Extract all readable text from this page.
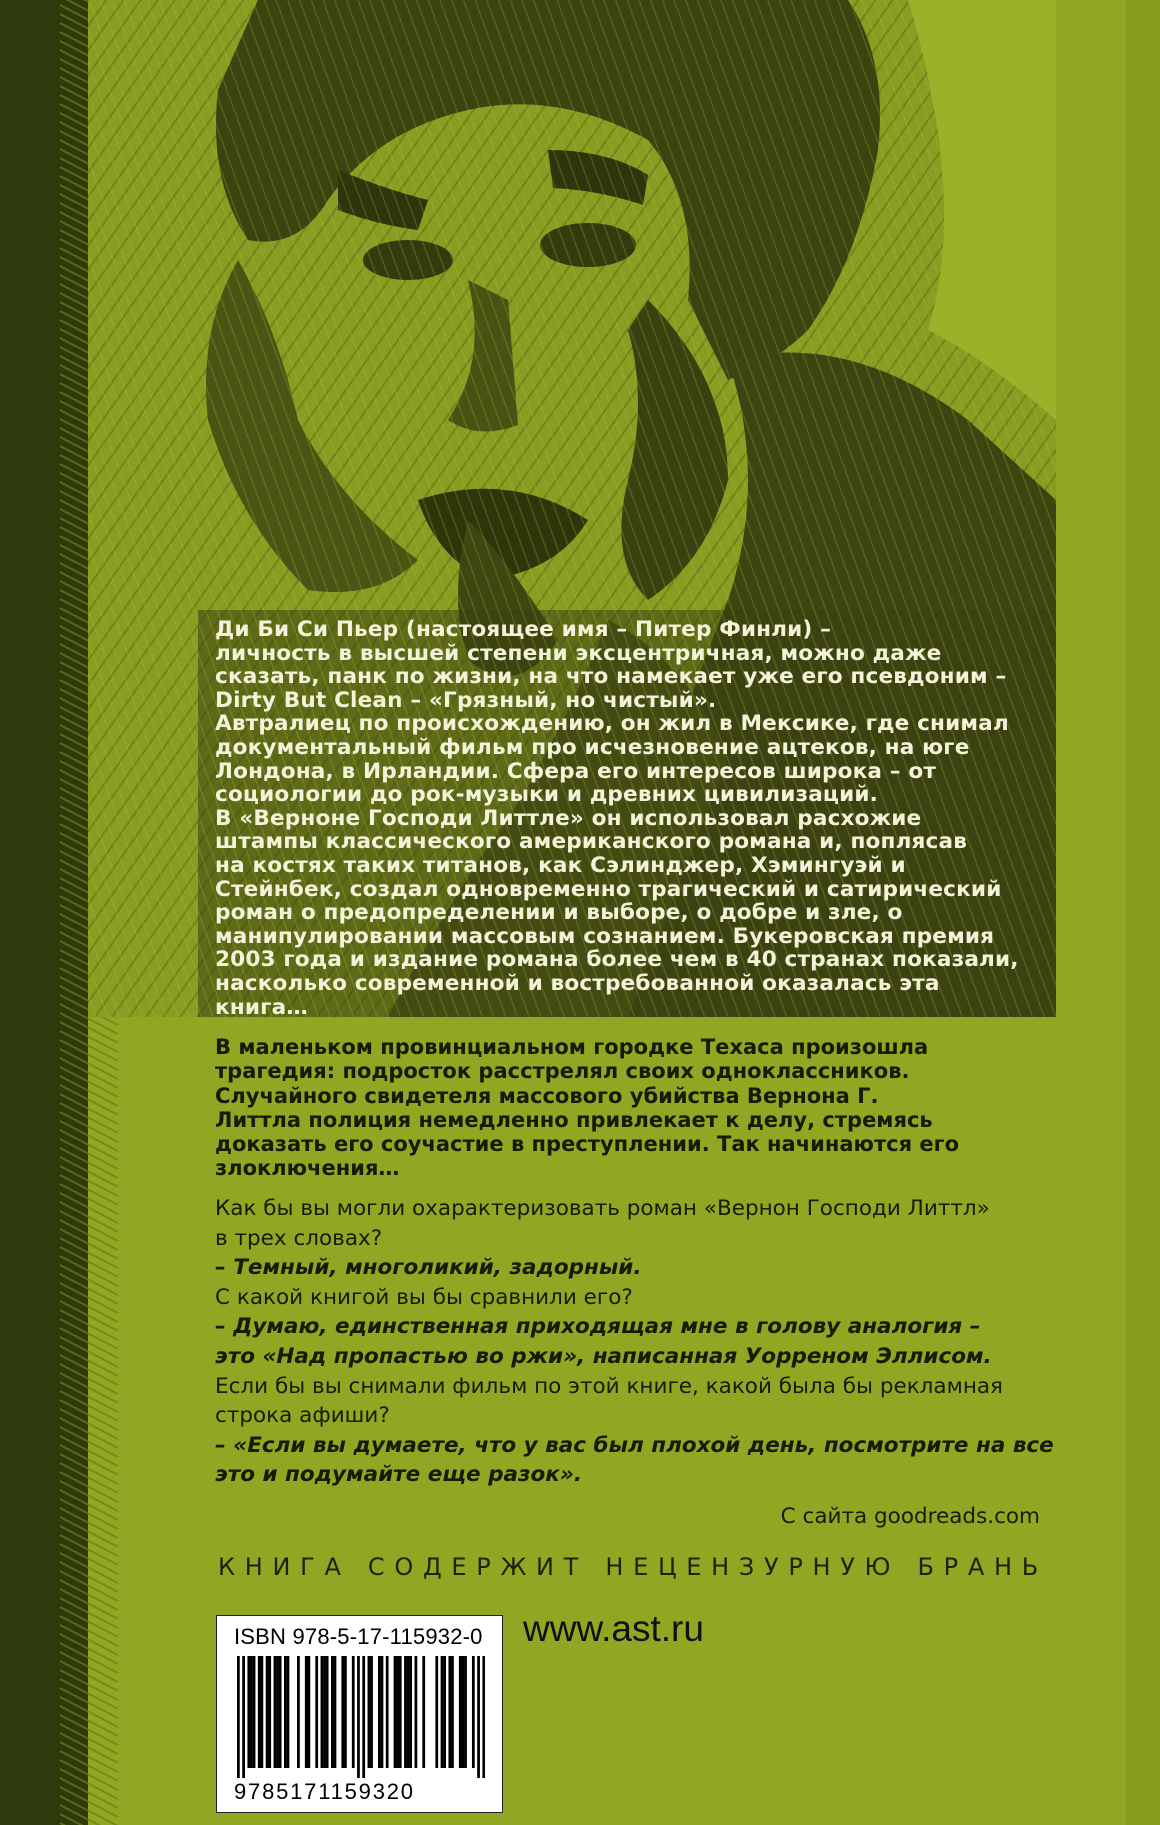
Ди Би Си Пьер (настоящее имя – Питер Финли) –
личность в высшей степени эксцентричная, можно даже
сказать, панк по жизни, на что намекает уже его псевдоним –
Dirty But Clean – «Грязный, но чистый».
Автралиец по происхождению, он жил в Мексике, где снимал
документальный фильм про исчезновение ацтеков, на юге
Лондона, в Ирландии. Сфера его интересов широка – от
социологии до рок-музыки и древних цивилизаций.
В «Верноне Господи Литтле» он использовал расхожие
штампы классического американского романа и, поплясав
на костях таких титанов, как Сэлинджер, Хэмингуэй и
Стейнбек, создал одновременно трагический и сатирический
роман о предопределении и выборе, о добре и зле, о
манипулировании массовым сознанием. Букеровская премия
2003 года и издание романа более чем в 40 странах показали,
насколько современной и востребованной оказалась эта
книга…
В маленьком провинциальном городке Техаса произошла
трагедия: подросток расстрелял своих одноклассников.
Случайного свидетеля массового убийства Вернона Г.
Литтла полиция немедленно привлекает к делу, стремясь
доказать его соучастие в преступлении. Так начинаются его
злоключения…
Как бы вы могли охарактеризовать роман «Вернон Господи Литтл»
в трех словах?
– Темный, многоликий, задорный.
С какой книгой вы бы сравнили его?
– Думаю, единственная приходящая мне в голову аналогия –
это «Над пропастью во ржи», написанная Уорреном Эллисом.
Если бы вы снимали фильм по этой книге, какой была бы рекламная
строка афиши?
– «Если вы думаете, что у вас был плохой день, посмотрите на все
это и подумайте еще разок».
С сайта goodreads.com
КНИГА СОДЕРЖИТ НЕЦЕНЗУРНУЮ БРАНЬ
ISBN 978-5-17-115932-0
9785171159320
www.ast.ru
